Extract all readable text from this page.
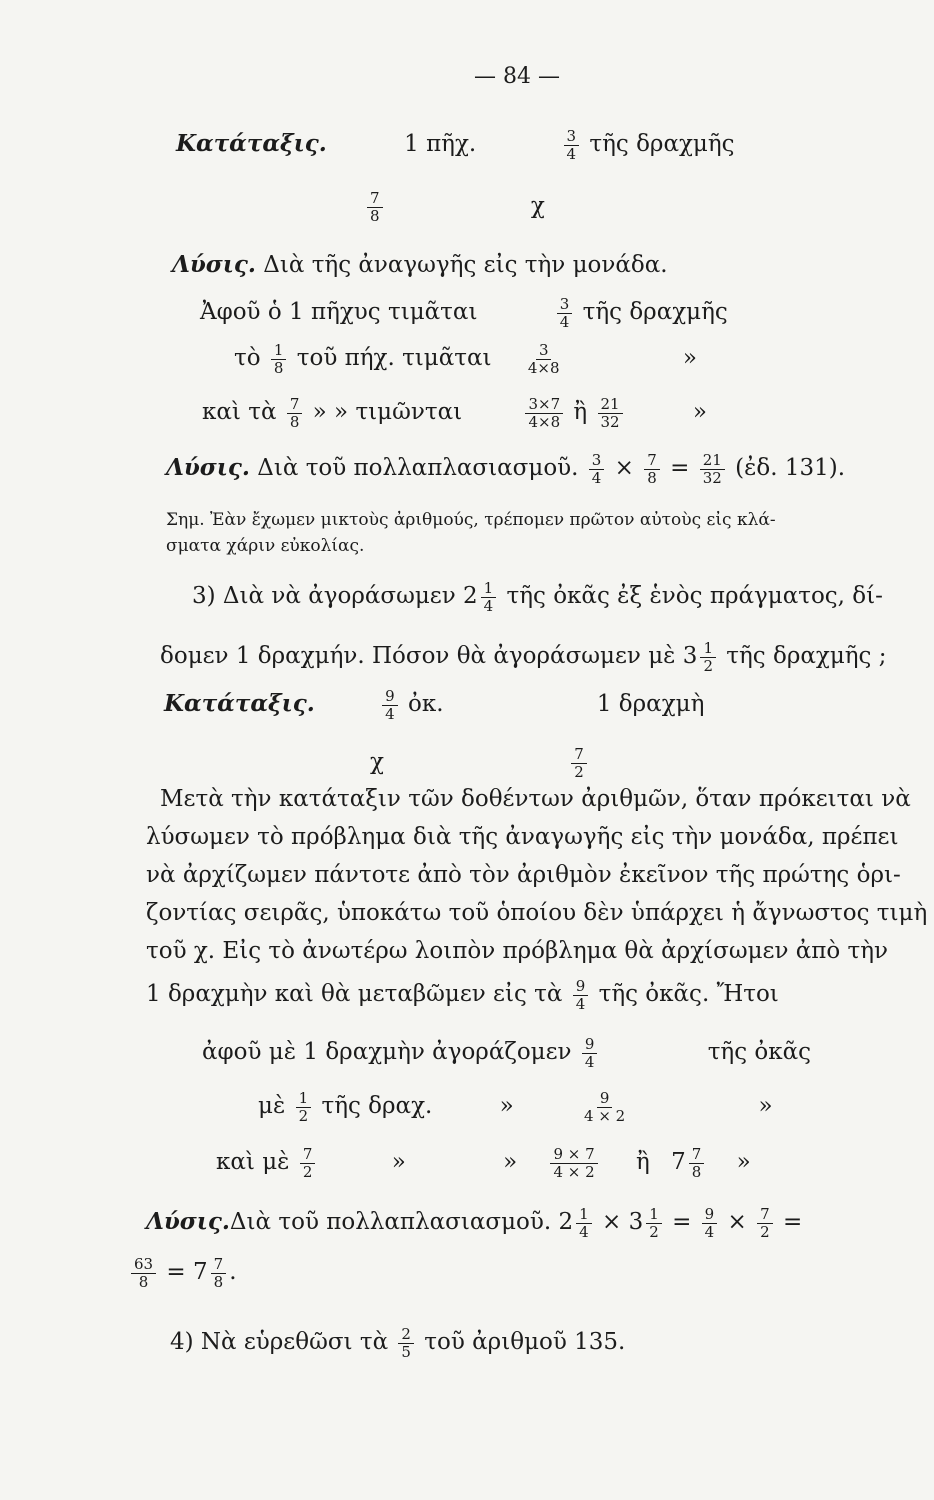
— 84 —
Κατάταξις.	1 πῆχ.	$\frac{3}{4}$ τῆς δραχμῆς
$\frac{7}{8}$	χ
Λύσις. Διὰ τῆς ἀναγωγῆς εἰς τὴν μονάδα.
Ἀφοῦ ὁ 1 πῆχυς τιμᾶται	$\frac{3}{4}$ τῆς δραχμῆς
τὸ $\frac{1}{8}$ τοῦ πήχ. τιμᾶται $\frac{3}{4\times 8}$	»
καὶ τὰ $\frac{7}{8}$ » » τιμῶνται	$\frac{3\times 7}{4\times 8}$ ἢ $\frac{21}{32}$	»
Λύσις. Διὰ τοῦ πολλαπλασιασμοῦ. $\frac{3}{4} \times \frac{7}{8} = \frac{21}{32}$ (ἐδ. 131).
Σημ. Ἐὰν ἔχωμεν μικτοὺς ἀριθμούς, τρέπομεν πρῶτον αὐτοὺς εἰς κλά-
σματα χάριν εὐκολίας.
3) Διὰ νὰ ἀγοράσωμεν $2 \frac{1}{4}$ τῆς ὀκᾶς ἐξ ἑνὸς πράγματος, δί-
δομεν 1 δραχμήν. Πόσον θὰ ἀγοράσωμεν μὲ $3 \frac{1}{2}$ τῆς δραχμῆς ;
Κατάταξις.	$\frac{9}{4}$ ὀκ.	1 δραχμὴ
χ	$\frac{7}{2}$
Μετὰ τὴν κατάταξιν τῶν δοθέντων ἀριθμῶν, ὅταν πρόκειται νὰ
λύσωμεν τὸ πρόβλημα διὰ τῆς ἀναγωγῆς εἰς τὴν μονάδα, πρέπει
νὰ ἀρχίζωμεν πάντοτε ἀπὸ τὸν ἀριθμὸν ἐκεῖνον τῆς πρώτης ὁρι-
ζοντίας σειρᾶς, ὑποκάτω τοῦ ὁποίου δὲν ὑπάρχει ἡ ἄγνωστος τιμὴ
τοῦ χ. Εἰς τὸ ἀνωτέρω λοιπὸν πρόβλημα θὰ ἀρχίσωμεν ἀπὸ τὴν
1 δραχμὴν καὶ θὰ μεταβῶμεν εἰς τὰ $\frac{9}{4}$ τῆς ὀκᾶς. Ἤτοι
ἀφοῦ μὲ 1 δραχμὴν ἀγοράζομεν $\frac{9}{4}$	τῆς ὀκᾶς
μὲ $\frac{1}{2}$ τῆς δραχ.	»	$\frac{9}{4 \times 2}$	»
καὶ μὲ $\frac{7}{2}$	»	» $\frac{9 \times 7}{4 \times 2}$ ἢ $7 \frac{7}{8}$ »
Λύσις.Διὰ τοῦ πολλαπλασιασμοῦ. $2 \frac{1}{4} \times 3 \frac{1}{2} = \frac{9}{4} \times \frac{7}{2}$ =
$\frac{63}{8} = 7 \frac{7}{8}$ .
4) Νὰ εὑρεθῶσι τὰ $\frac{2}{5}$ τοῦ ἀριθμοῦ 135.
